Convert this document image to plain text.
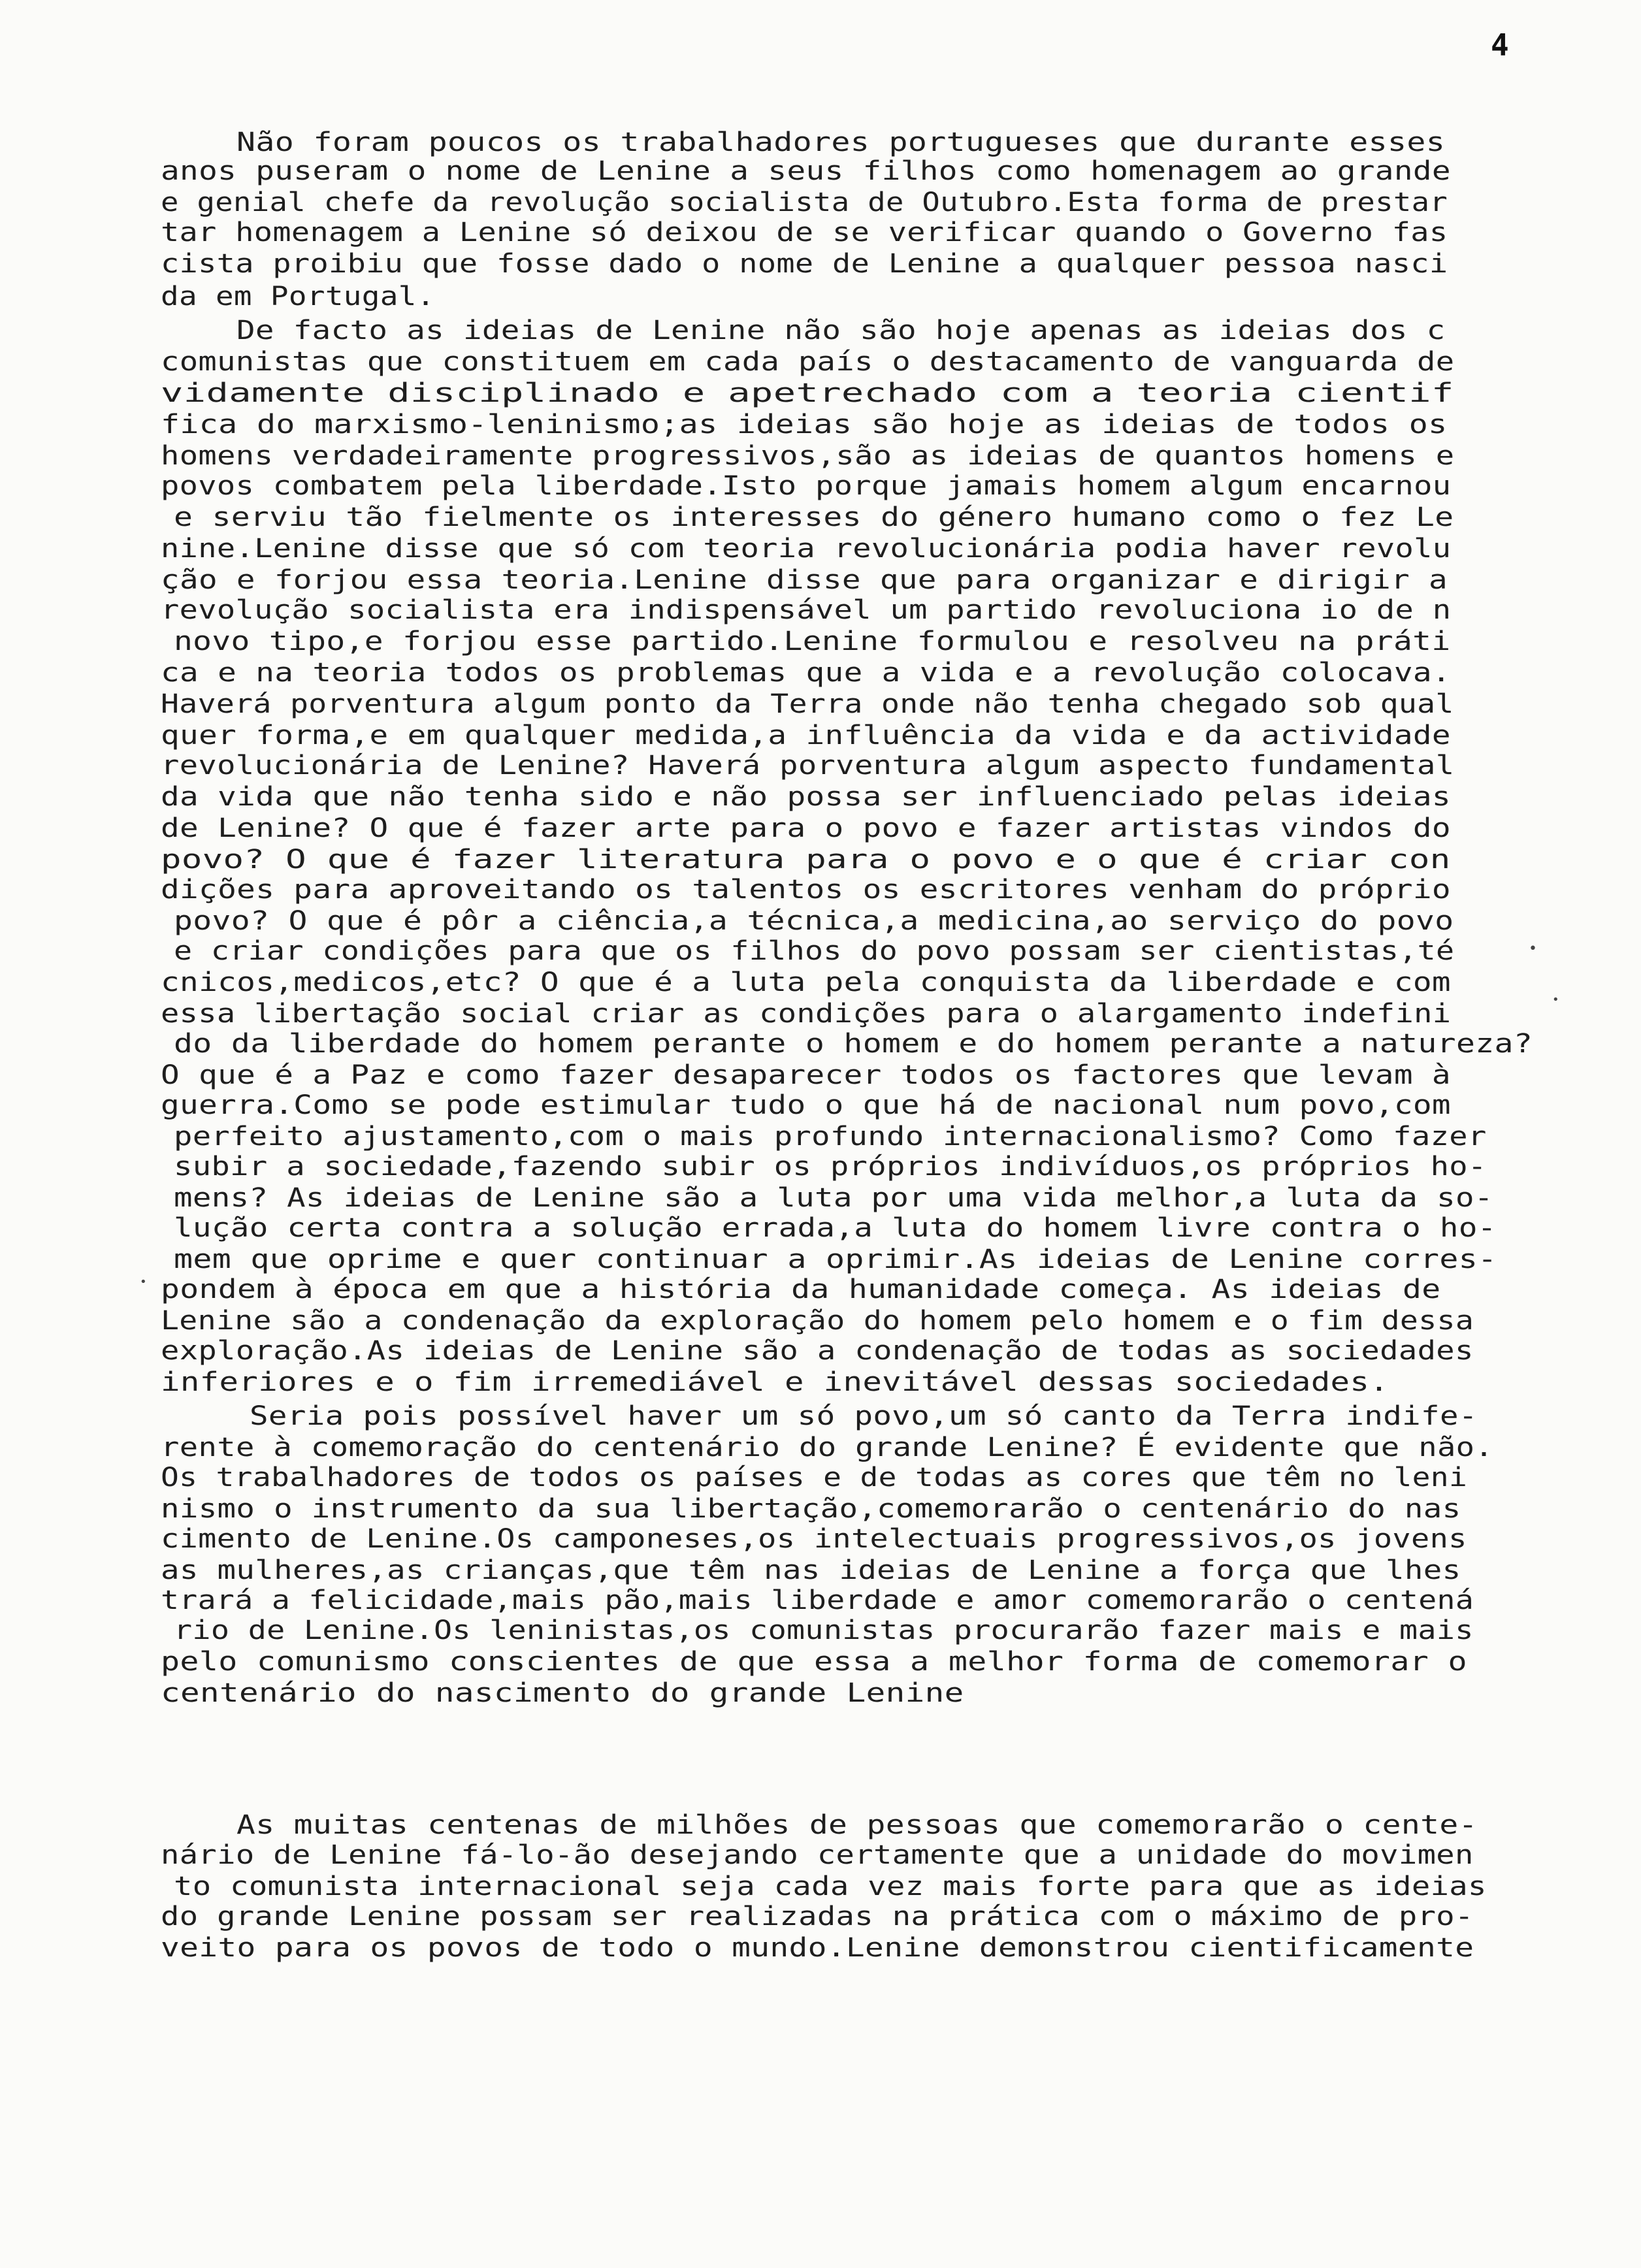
4
Não foram poucos os trabalhadores portugueses que durante esses
anos puseram o nome de Lenine a seus filhos como homenagem ao grande
e genial chefe da revolução socialista de Outubro.Esta forma de prestar
tar homenagem a Lenine só deixou de se verificar quando o Governo fas
cista proibiu que fosse dado o nome de Lenine a qualquer pessoa nasci
da em Portugal.
De facto as ideias de Lenine não são hoje apenas as ideias dos c
comunistas que constituem em cada país o destacamento de vanguarda de
vidamente disciplinado e apetrechado com a teoria cientif
fica do marxismo-leninismo;as ideias são hoje as ideias de todos os
homens verdadeiramente progressivos,são as ideias de quantos homens e
povos combatem pela liberdade.Isto porque jamais homem algum encarnou
e serviu tão fielmente os interesses do género humano como o fez Le
nine.Lenine disse que só com teoria revolucionária podia haver revolu
ção e forjou essa teoria.Lenine disse que para organizar e dirigir a
revolução socialista era indispensável um partido revoluciona io de n
novo tipo,e forjou esse partido.Lenine formulou e resolveu na práti
ca e na teoria todos os problemas que a vida e a revolução colocava.
Haverá porventura algum ponto da Terra onde não tenha chegado sob qual
quer forma,e em qualquer medida,a influência da vida e da actividade
revolucionária de Lenine? Haverá porventura algum aspecto fundamental
da vida que não tenha sido e não possa ser influenciado pelas ideias
de Lenine? O que é fazer arte para o povo e fazer artistas vindos do
povo? O que é fazer literatura para o povo e o que é criar con
dições para aproveitando os talentos os escritores venham do próprio
povo? O que é pôr a ciência,a técnica,a medicina,ao serviço do povo
e criar condições para que os filhos do povo possam ser cientistas,té
cnicos,medicos,etc? O que é a luta pela conquista da liberdade e com
essa libertação social criar as condições para o alargamento indefini
do da liberdade do homem perante o homem e do homem perante a natureza?
O que é a Paz e como fazer desaparecer todos os factores que levam à
guerra.Como se pode estimular tudo o que há de nacional num povo,com
perfeito ajustamento,com o mais profundo internacionalismo? Como fazer
subir a sociedade,fazendo subir os próprios indivíduos,os próprios ho-
mens? As ideias de Lenine são a luta por uma vida melhor,a luta da so-
lução certa contra a solução errada,a luta do homem livre contra o ho-
mem que oprime e quer continuar a oprimir.As ideias de Lenine corres-
pondem à época em que a história da humanidade começa. As ideias de
Lenine são a condenação da exploração do homem pelo homem e o fim dessa
exploração.As ideias de Lenine são a condenação de todas as sociedades
inferiores e o fim irremediável e inevitável dessas sociedades.
Seria pois possível haver um só povo,um só canto da Terra indife-
rente à comemoração do centenário do grande Lenine? É evidente que não.
Os trabalhadores de todos os países e de todas as cores que têm no leni
nismo o instrumento da sua libertação,comemorarão o centenário do nas
cimento de Lenine.Os camponeses,os intelectuais progressivos,os jovens
as mulheres,as crianças,que têm nas ideias de Lenine a força que lhes
trará a felicidade,mais pão,mais liberdade e amor comemorarão o centená
rio de Lenine.Os leninistas,os comunistas procurarão fazer mais e mais
pelo comunismo conscientes de que essa a melhor forma de comemorar o
centenário do nascimento do grande Lenine
As muitas centenas de milhões de pessoas que comemorarão o cente-
nário de Lenine fá-lo-ão desejando certamente que a unidade do movimen
to comunista internacional seja cada vez mais forte para que as ideias
do grande Lenine possam ser realizadas na prática com o máximo de pro-
veito para os povos de todo o mundo.Lenine demonstrou cientificamente
•
•
•
